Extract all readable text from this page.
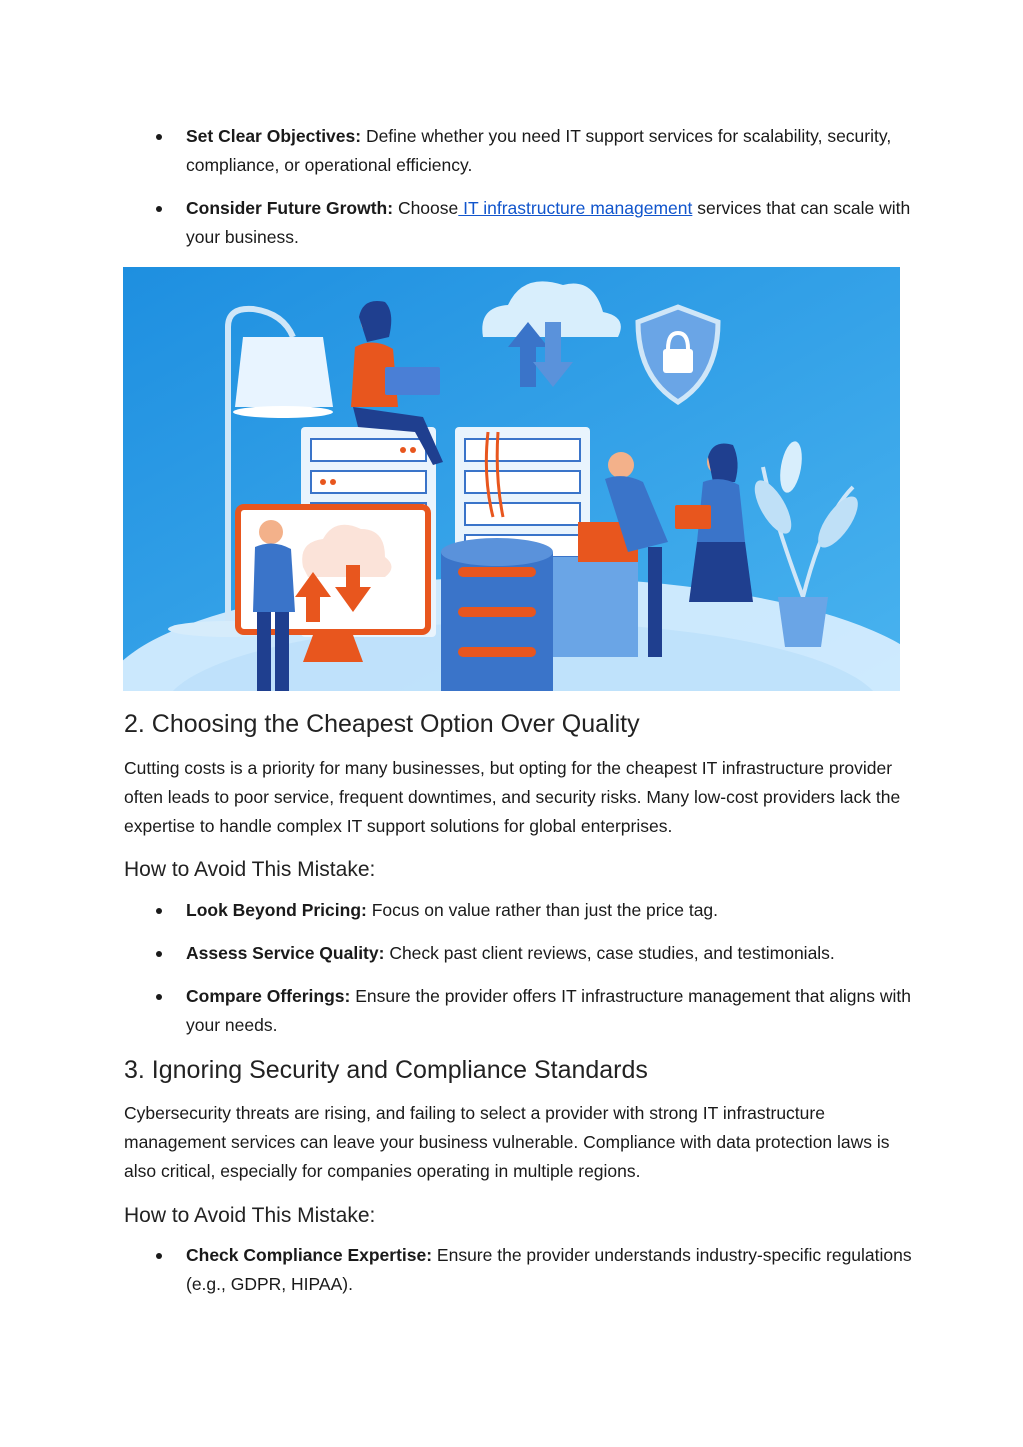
Set Clear Objectives: Define whether you need IT support services for scalability, security, compliance, or operational efficiency.
Consider Future Growth: Choose IT infrastructure management services that can scale with your business.
2. Choosing the Cheapest Option Over Quality

Cutting costs is a priority for many businesses, but opting for the cheapest IT infrastructure provider often leads to poor service, frequent downtimes, and security risks. Many low-cost providers lack the expertise to handle complex IT support solutions for global enterprises.

How to Avoid This Mistake:
Look Beyond Pricing: Focus on value rather than just the price tag.
Assess Service Quality: Check past client reviews, case studies, and testimonials.
Compare Offerings: Ensure the provider offers IT infrastructure management that aligns with your needs.
3. Ignoring Security and Compliance Standards

Cybersecurity threats are rising, and failing to select a provider with strong IT infrastructure management services can leave your business vulnerable. Compliance with data protection laws is also critical, especially for companies operating in multiple regions.

How to Avoid This Mistake:
Check Compliance Expertise: Ensure the provider understands industry-specific regulations (e.g., GDPR, HIPAA).
